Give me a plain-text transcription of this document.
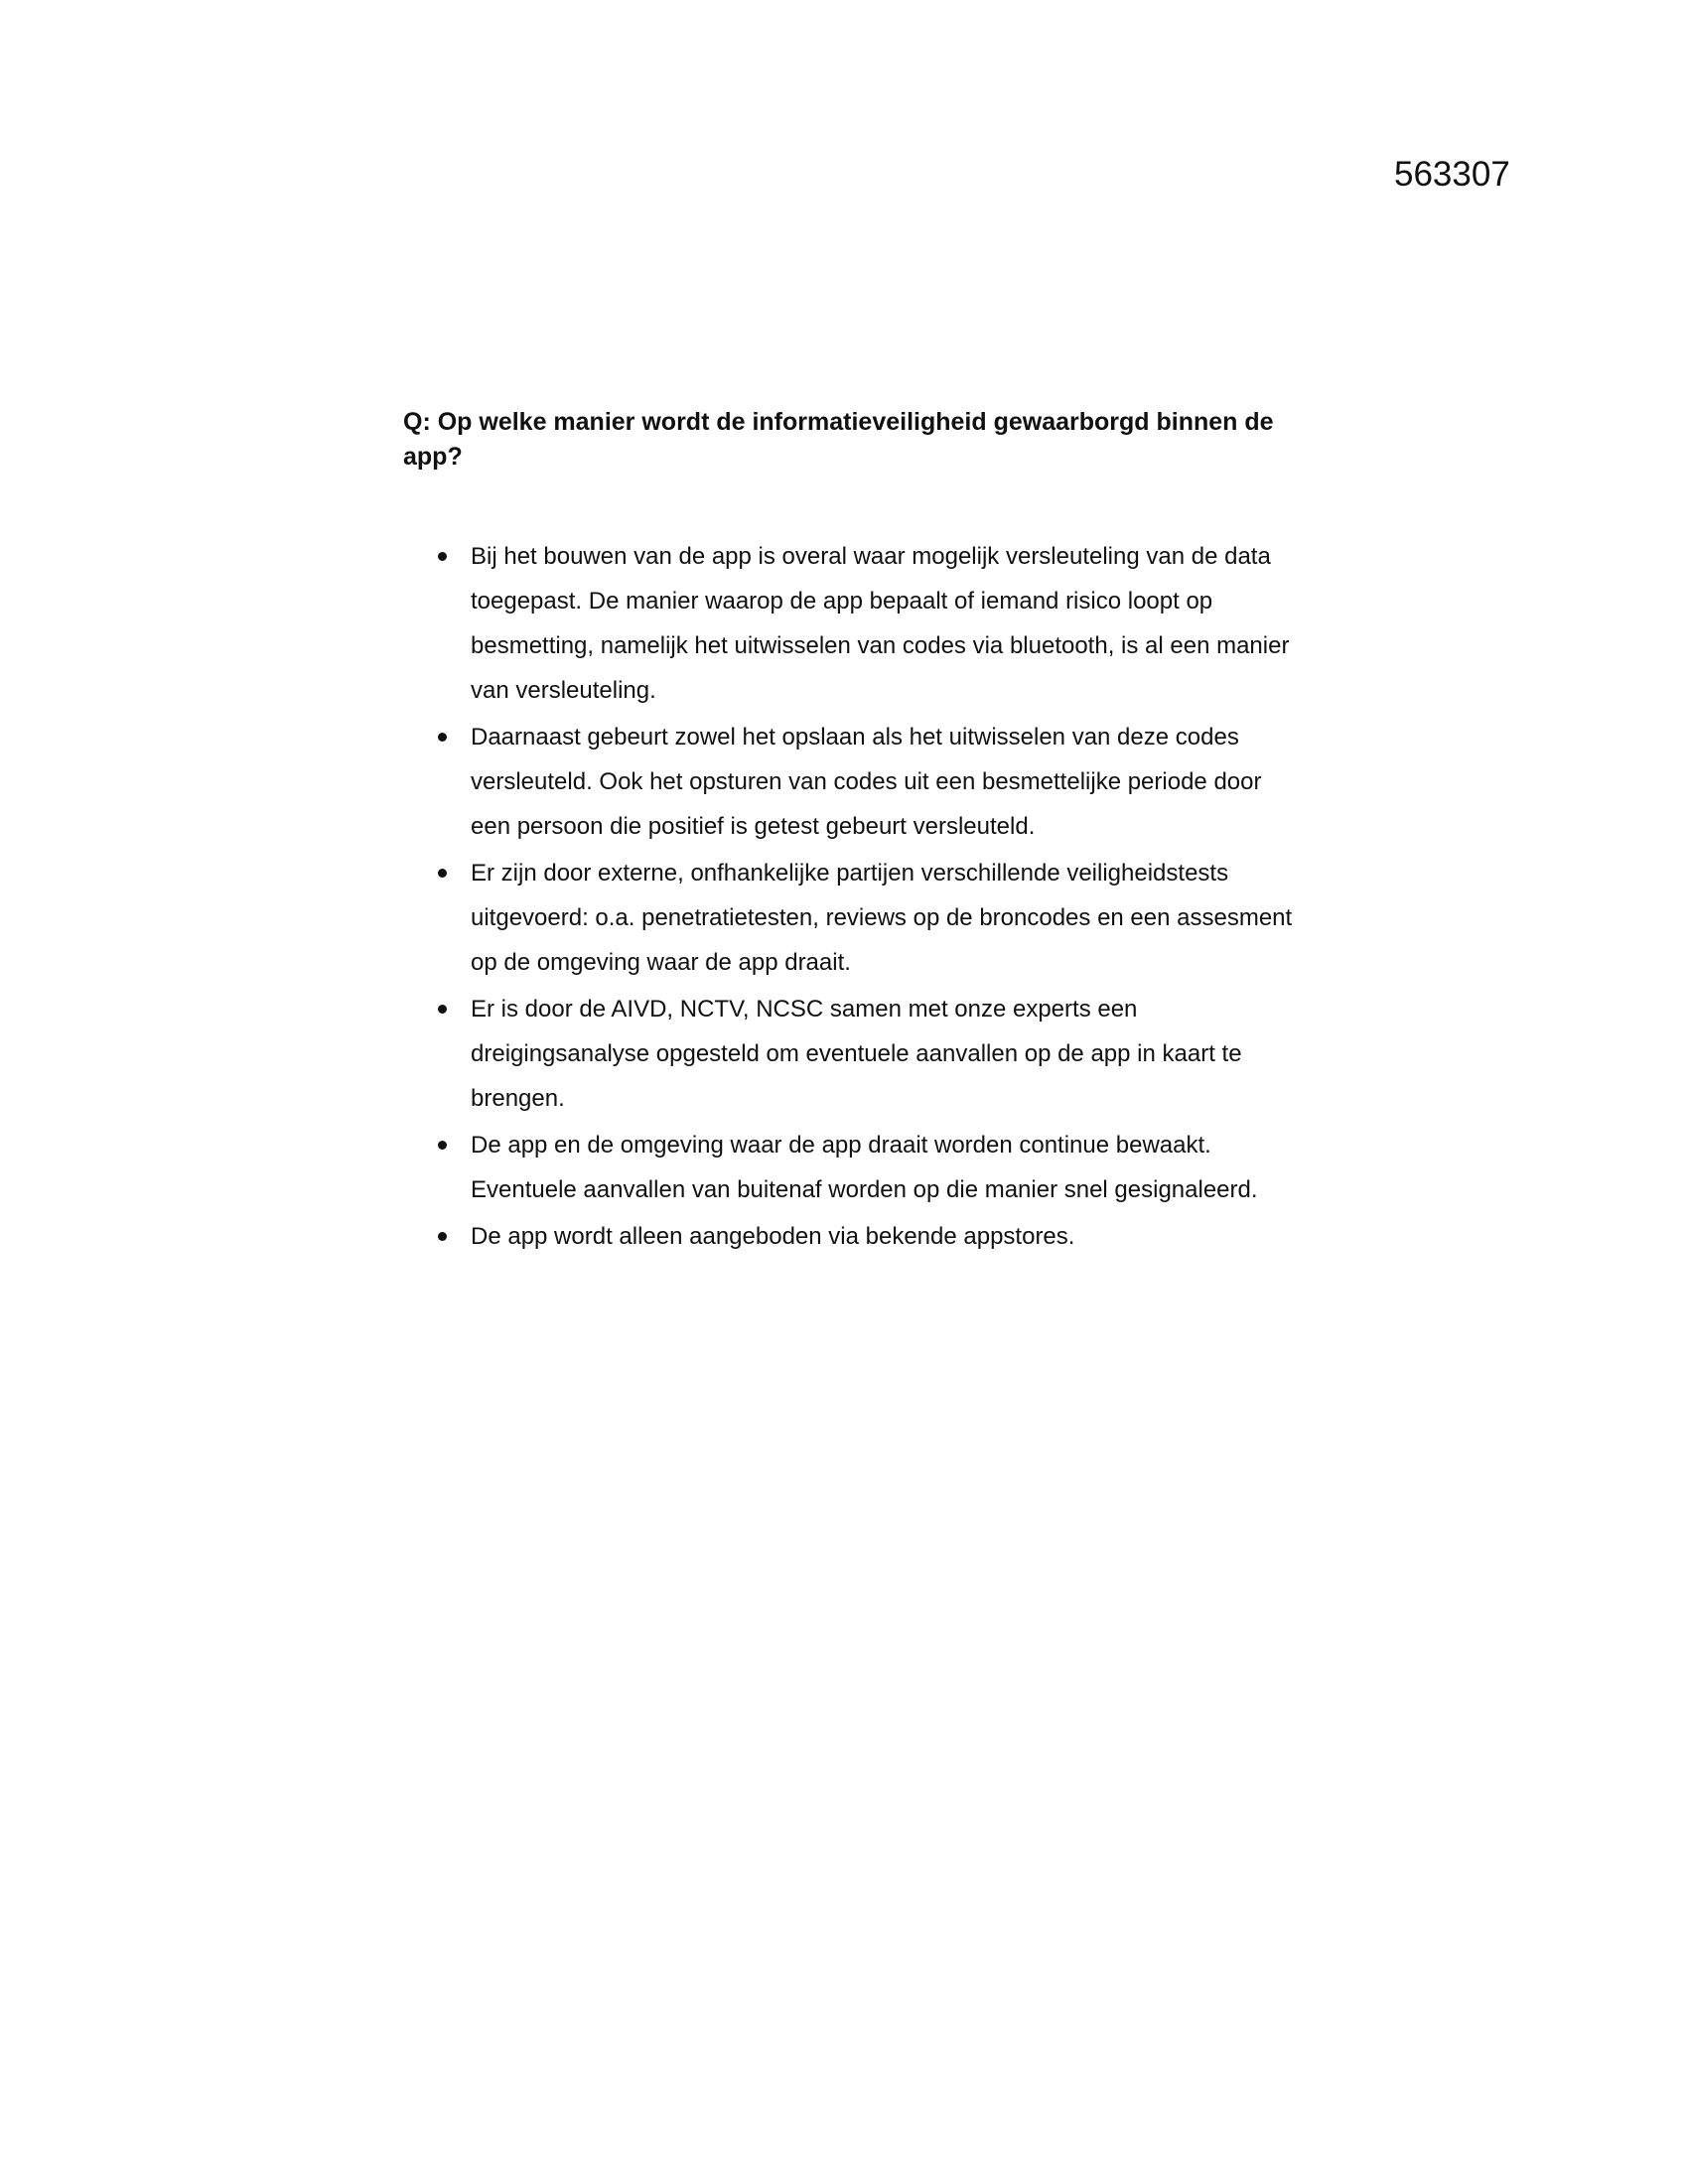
563307

Q: Op welke manier wordt de informatieveiligheid gewaarborgd binnen de app?

Bij het bouwen van de app is overal waar mogelijk versleuteling van de data toegepast. De manier waarop de app bepaalt of iemand risico loopt op besmetting, namelijk het uitwisselen van codes via bluetooth, is al een manier van versleuteling.
Daarnaast gebeurt zowel het opslaan als het uitwisselen van deze codes versleuteld. Ook het opsturen van codes uit een besmettelijke periode door een persoon die positief is getest gebeurt versleuteld.
Er zijn door externe, onfhankelijke partijen verschillende veiligheidstests uitgevoerd: o.a. penetratietesten, reviews op de broncodes en een assesment op de omgeving waar de app draait.
Er is door de AIVD, NCTV, NCSC samen met onze experts een dreigingsanalyse opgesteld om eventuele aanvallen op de app in kaart te brengen.
De app en de omgeving waar de app draait worden continue bewaakt. Eventuele aanvallen van buitenaf worden op die manier snel gesignaleerd.
De app wordt alleen aangeboden via bekende appstores.
